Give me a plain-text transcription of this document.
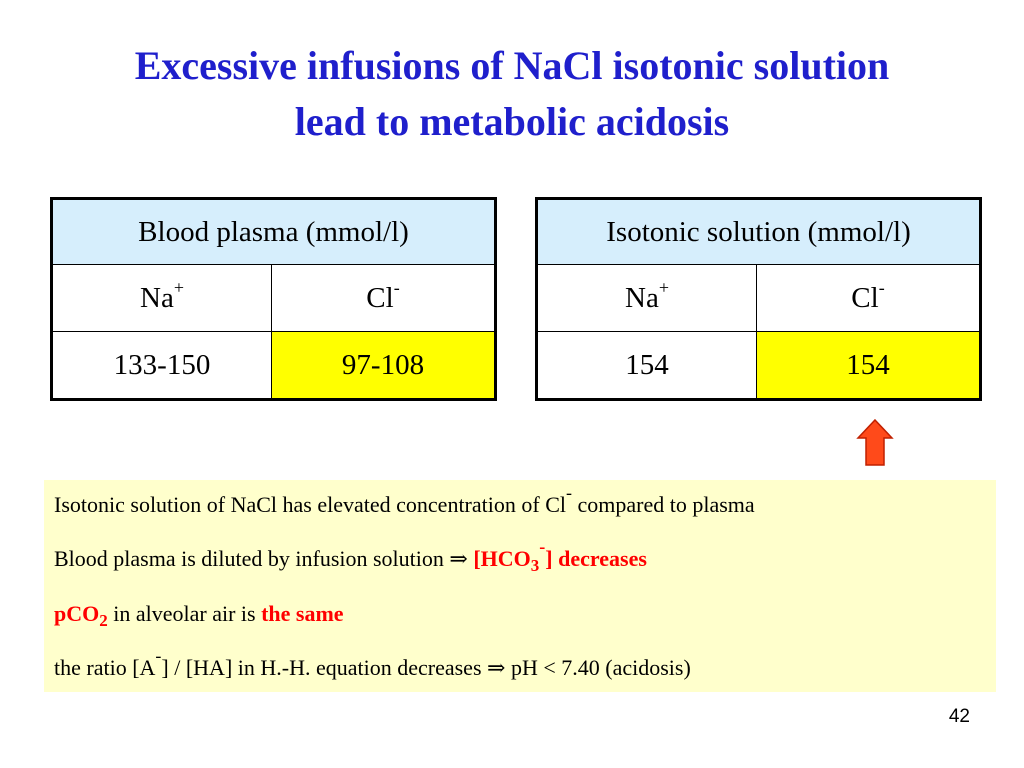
Excessive infusions of NaCl isotonic solution
lead to metabolic acidosis
Blood plasma (mmol/l)	
Na+	Cl-
133-150	97-108
Isotonic solution (mmol/l)	
Na+	Cl-
154	154
Isotonic solution of NaCl has elevated concentration of Cl- compared to plasma
Blood plasma is diluted by infusion solution ⇒ $[HCO_3^-]$ decreases
pCO$_2$ in alveolar air is the same
the ratio [A-] / [HA] in H.-H. equation decreases ⇒ pH < 7.40 (acidosis)
42
